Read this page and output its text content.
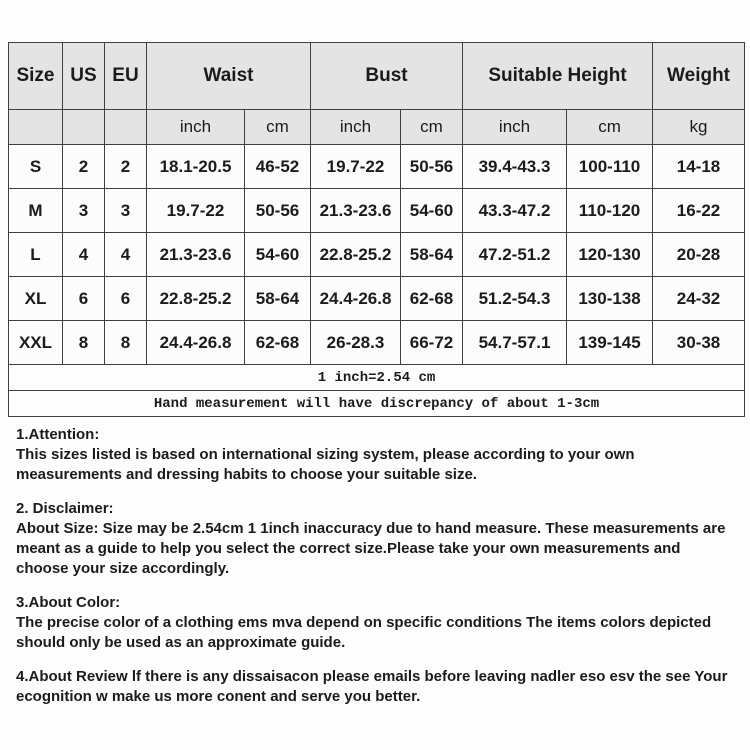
Size	US	EU	Waist		Bust		Suitable Height		Weight
			inch	cm	inch	cm	inch	cm	kg
S	2	2	18.1-20.5	46-52	19.7-22	50-56	39.4-43.3	100-110	14-18
M	3	3	19.7-22	50-56	21.3-23.6	54-60	43.3-47.2	110-120	16-22
L	4	4	21.3-23.6	54-60	22.8-25.2	58-64	47.2-51.2	120-130	20-28
XL	6	6	22.8-25.2	58-64	24.4-26.8	62-68	51.2-54.3	130-138	24-32
XXL	8	8	24.4-26.8	62-68	26-28.3	66-72	54.7-57.1	139-145	30-38
1 inch=2.54 cm									
Hand measurement will have discrepancy of about 1-3cm									

1.Attention:

This sizes listed is based on international sizing system, please according to your own measurements and dressing habits to choose your suitable size.

2. Disclaimer:

About Size: Size may be 2.54cm 1 1inch inaccuracy due to hand measure. These measurements are meant as a guide to help you select the correct size.Please take your own measurements and choose your size accordingly.

3.About Color:

The precise color of a clothing ems mva depend on specific conditions The items colors depicted should only be used as an approximate guide.

4.About Review lf there is any dissaisacon please emails before leaving nadler eso esv the see Your ecognition w make us more conent and serve you better.
